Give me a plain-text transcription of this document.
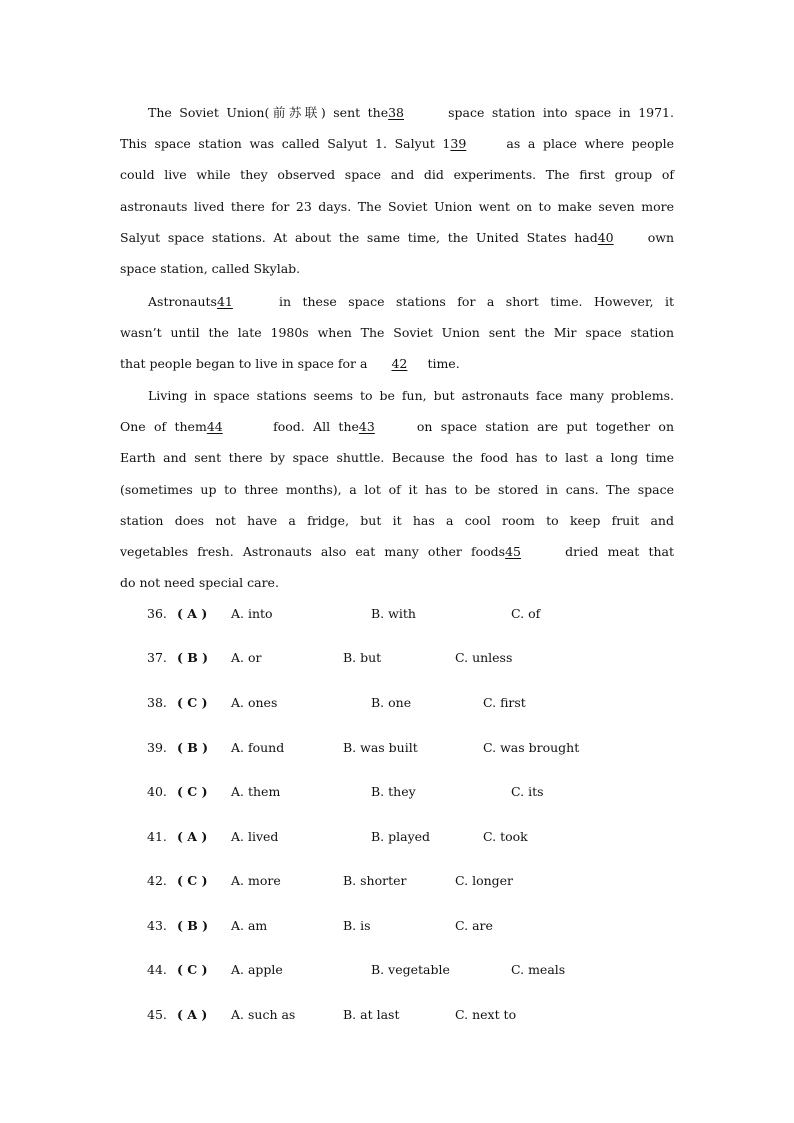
The Soviet Union(前苏联) sent the38	space station into space in 1971.
This space station was called Salyut 1. Salyut 139	as a place where people
could live while they observed space and did experiments. The first group of
astronauts lived there for 23 days. The Soviet Union went on to make seven more
Salyut space stations. At about the same time, the United States had40	own
space station, called Skylab.
Astronauts41	in these space stations for a short time. However, it
wasn’t until the late 1980s when The Soviet Union sent the Mir space station
that people began to live in space for a 42 time.
Living in space stations seems to be fun, but astronauts face many problems.
One of them44	food. All the43	on space station are put together on
Earth and sent there by space shuttle. Because the food has to last a long time
(sometimes up to three months), a lot of it has to be stored in cans. The space
station does not have a fridge, but it has a cool room to keep fruit and
vegetables fresh. Astronauts also eat many other foods45	dried meat that
do not need special care.
36. ( A ) A. into	B. with	C. of
37. ( B ) A. or	B. but	C. unless
38. ( C ) A. ones	B. one	C. first
39. ( B ) A. found	B. was built	C. was brought
40. ( C ) A. them	B. they	C. its
41. ( A ) A. lived	B. played	C. took
42. ( C ) A. more	B. shorter	C. longer
43. ( B ) A. am	B. is	C. are
44. ( C ) A. apple	B. vegetable	C. meals
45. ( A ) A. such as	B. at last	C. next to
